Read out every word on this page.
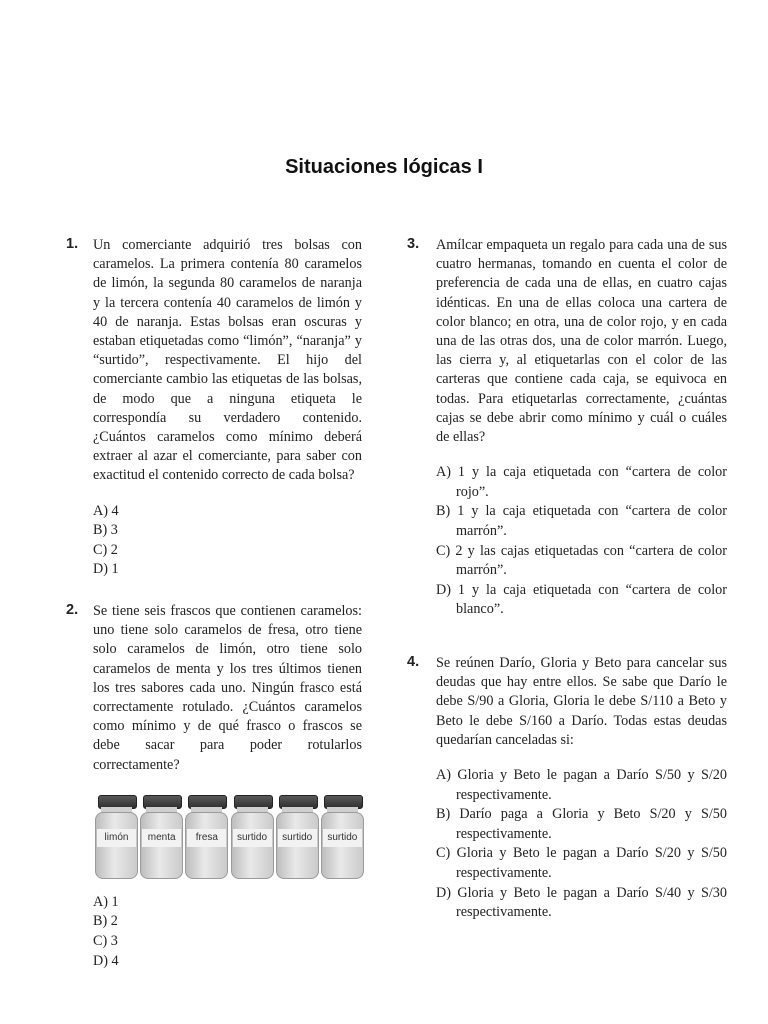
Situaciones lógicas I
1. Un comerciante adquirió tres bolsas con caramelos. La primera contenía 80 caramelos de limón, la segunda 80 caramelos de naranja y la tercera contenía 40 caramelos de limón y 40 de naranja. Estas bolsas eran oscuras y estaban etiquetadas como “limón”, “naranja” y “surtido”, respectivamente. El hijo del comerciante cambio las etiquetas de las bolsas, de modo que a ninguna etiqueta le correspondía su verdadero contenido. ¿Cuántos caramelos como mínimo deberá extraer al azar el comerciante, para saber con exactitud el contenido correcto de cada bolsa?

A) 4
B) 3
C) 2
D) 1
2. Se tiene seis frascos que contienen caramelos: uno tiene solo caramelos de fresa, otro tiene solo caramelos de limón, otro tiene solo caramelos de menta y los tres últimos tienen los tres sabores cada uno. Ningún frasco está correctamente rotulado. ¿Cuántos caramelos como mínimo y de qué frasco o frascos se debe sacar para poder rotularlos correctamente?

limón	menta	fresa	surtido	surtido	surtido
A) 1
B) 2
C) 3
D) 4
3. Amílcar empaqueta un regalo para cada una de sus cuatro hermanas, tomando en cuenta el color de preferencia de cada una de ellas, en cuatro cajas idénticas. En una de ellas coloca una cartera de color blanco; en otra, una de color rojo, y en cada una de las otras dos, una de color marrón. Luego, las cierra y, al etiquetarlas con el color de las carteras que contiene cada caja, se equivoca en todas. Para etiquetarlas correctamente, ¿cuántas cajas se debe abrir como mínimo y cuál o cuáles de ellas?

A) 1 y la caja etiquetada con “cartera de color rojo”.
B) 1 y la caja etiquetada con “cartera de color marrón”.
C) 2 y las cajas etiquetadas con “cartera de color marrón”.
D) 1 y la caja etiquetada con “cartera de color blanco”.
4. Se reúnen Darío, Gloria y Beto para cancelar sus deudas que hay entre ellos. Se sabe que Darío le debe S/90 a Gloria, Gloria le debe S/110 a Beto y Beto le debe S/160 a Darío. Todas estas deudas quedarían canceladas si:

A) Gloria y Beto le pagan a Darío S/50 y S/20 respectivamente.
B) Darío paga a Gloria y Beto S/20 y S/50 respectivamente.
C) Gloria y Beto le pagan a Darío S/20 y S/50 respectivamente.
D) Gloria y Beto le pagan a Darío S/40 y S/30 respectivamente.
